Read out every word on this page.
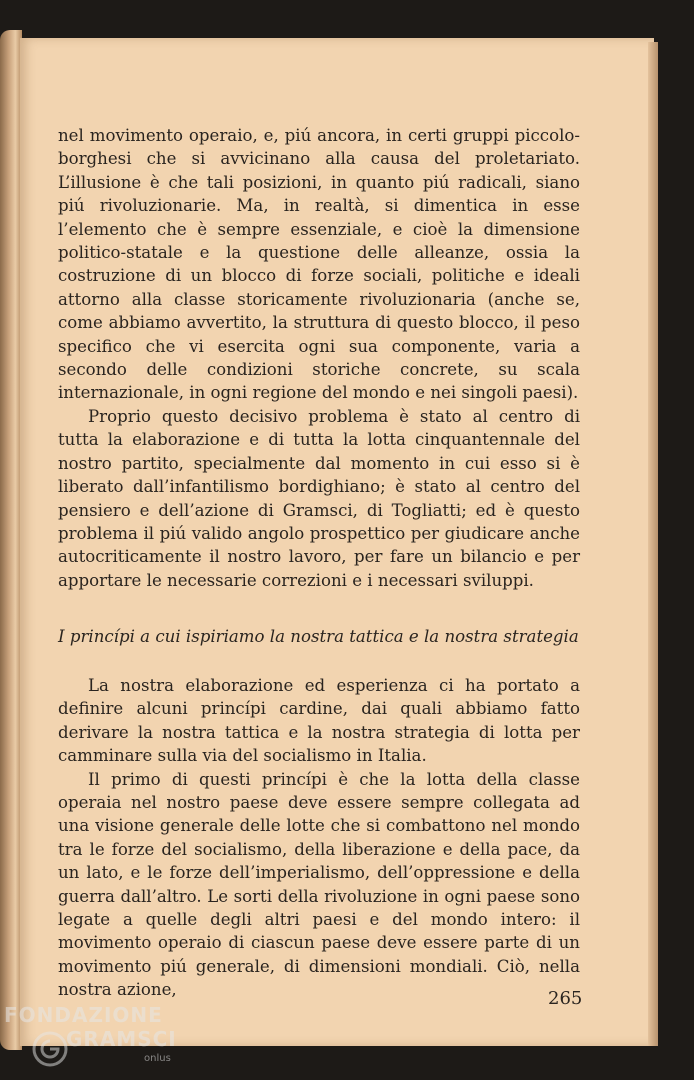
nel movimento operaio, e, piú ancora, in certi gruppi piccolo-borghesi che si avvicinano alla causa del proletariato. L’illusione è che tali posizioni, in quanto piú radicali, siano piú rivoluzionarie. Ma, in realtà, si dimentica in esse l’elemento che è sempre essenziale, e cioè la dimensione politico-statale e la questione delle alleanze, ossia la costruzione di un blocco di forze sociali, politiche e ideali attorno alla classe storicamente rivoluzionaria (anche se, come abbiamo avvertito, la struttura di questo blocco, il peso specifico che vi esercita ogni sua componente, varia a secondo delle condizioni storiche concrete, su scala internazionale, in ogni regione del mondo e nei singoli paesi).

Proprio questo decisivo problema è stato al centro di tutta la elaborazione e di tutta la lotta cinquantennale del nostro partito, specialmente dal momento in cui esso si è liberato dall’infantilismo bordighiano; è stato al centro del pensiero e dell’azione di Gramsci, di Togliatti; ed è questo problema il piú valido angolo prospettico per giudicare anche autocriticamente il nostro lavoro, per fare un bilancio e per apportare le necessarie correzioni e i necessari sviluppi.

I princípi a cui ispiriamo la nostra tattica e la nostra strategia

La nostra elaborazione ed esperienza ci ha portato a definire alcuni princípi cardine, dai quali abbiamo fatto derivare la nostra tattica e la nostra strategia di lotta per camminare sulla via del socialismo in Italia.

Il primo di questi princípi è che la lotta della classe operaia nel nostro paese deve essere sempre collegata ad una visione generale delle lotte che si combattono nel mondo tra le forze del socialismo, della liberazione e della pace, da un lato, e le forze dell’imperialismo, dell’oppressione e della guerra dall’altro. Le sorti della rivoluzione in ogni paese sono legate a quelle degli altri paesi e del mondo intero: il movimento operaio di ciascun paese deve essere parte di un movimento piú generale, di dimensioni mondiali. Ciò, nella nostra azione,	265
FONDAZIONE
GRAMSCI
onlus
